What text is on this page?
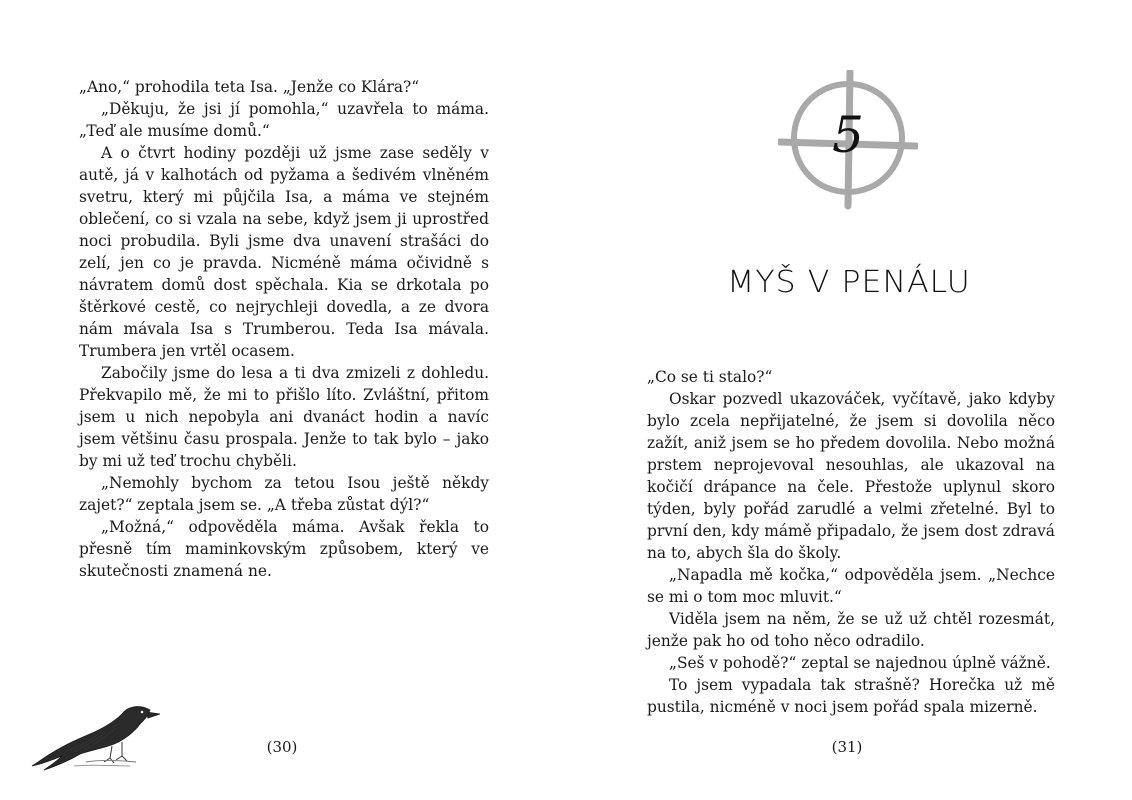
„Ano,“ prohodila teta Isa. „Jenže co Klára?“

„Děkuju, že jsi jí pomohla,“ uzavřela to máma. „Teď ale musíme domů.“

A o čtvrt hodiny později už jsme zase seděly v autě, já v kalhotách od pyžama a šedivém vlněném svetru, který mi půjčila Isa, a máma ve stejném oblečení, co si vzala na sebe, když jsem ji uprostřed noci probudila. Byli jsme dva unavení strašáci do zelí, jen co je pravda. Nicméně máma očividně s návratem domů dost spěchala. Kia se drkotala po štěrkové cestě, co nejrychleji dovedla, a ze dvora nám mávala Isa s Trumberou. Teda Isa mávala. Trumbera jen vrtěl ocasem.

Zabočily jsme do lesa a ti dva zmizeli z dohledu. Překvapilo mě, že mi to přišlo líto. Zvláštní, přitom jsem u nich nepobyla ani dvanáct hodin a navíc jsem většinu času prospala. Jenže to tak bylo – jako by mi už teď trochu chyběli.

„Nemohly bychom za tetou Isou ještě někdy zajet?“ zeptala jsem se. „A třeba zůstat dýl?“

„Možná,“ odpověděla máma. Avšak řekla to přesně tím maminkovským způsobem, který ve skutečnosti znamená ne.

(30)
5
MYŠ V PENÁLU

„Co se ti stalo?“

Oskar pozvedl ukazováček, vyčítavě, jako kdyby bylo zcela nepřijatelné, že jsem si dovolila něco zažít, aniž jsem se ho předem dovolila. Nebo možná prstem neprojevoval nesouhlas, ale ukazoval na kočičí drápance na čele. Přestože uplynul skoro týden, byly pořád zarudlé a velmi zřetelné. Byl to první den, kdy mámě připadalo, že jsem dost zdravá na to, abych šla do školy.

„Napadla mě kočka,“ odpověděla jsem. „Nechce se mi o tom moc mluvit.“

Viděla jsem na něm, že se už už chtěl rozesmát, jenže pak ho od toho něco odradilo.

„Seš v pohodě?“ zeptal se najednou úplně vážně.

To jsem vypadala tak strašně? Horečka už mě pustila, nicméně v noci jsem pořád spala mizerně.

(31)
